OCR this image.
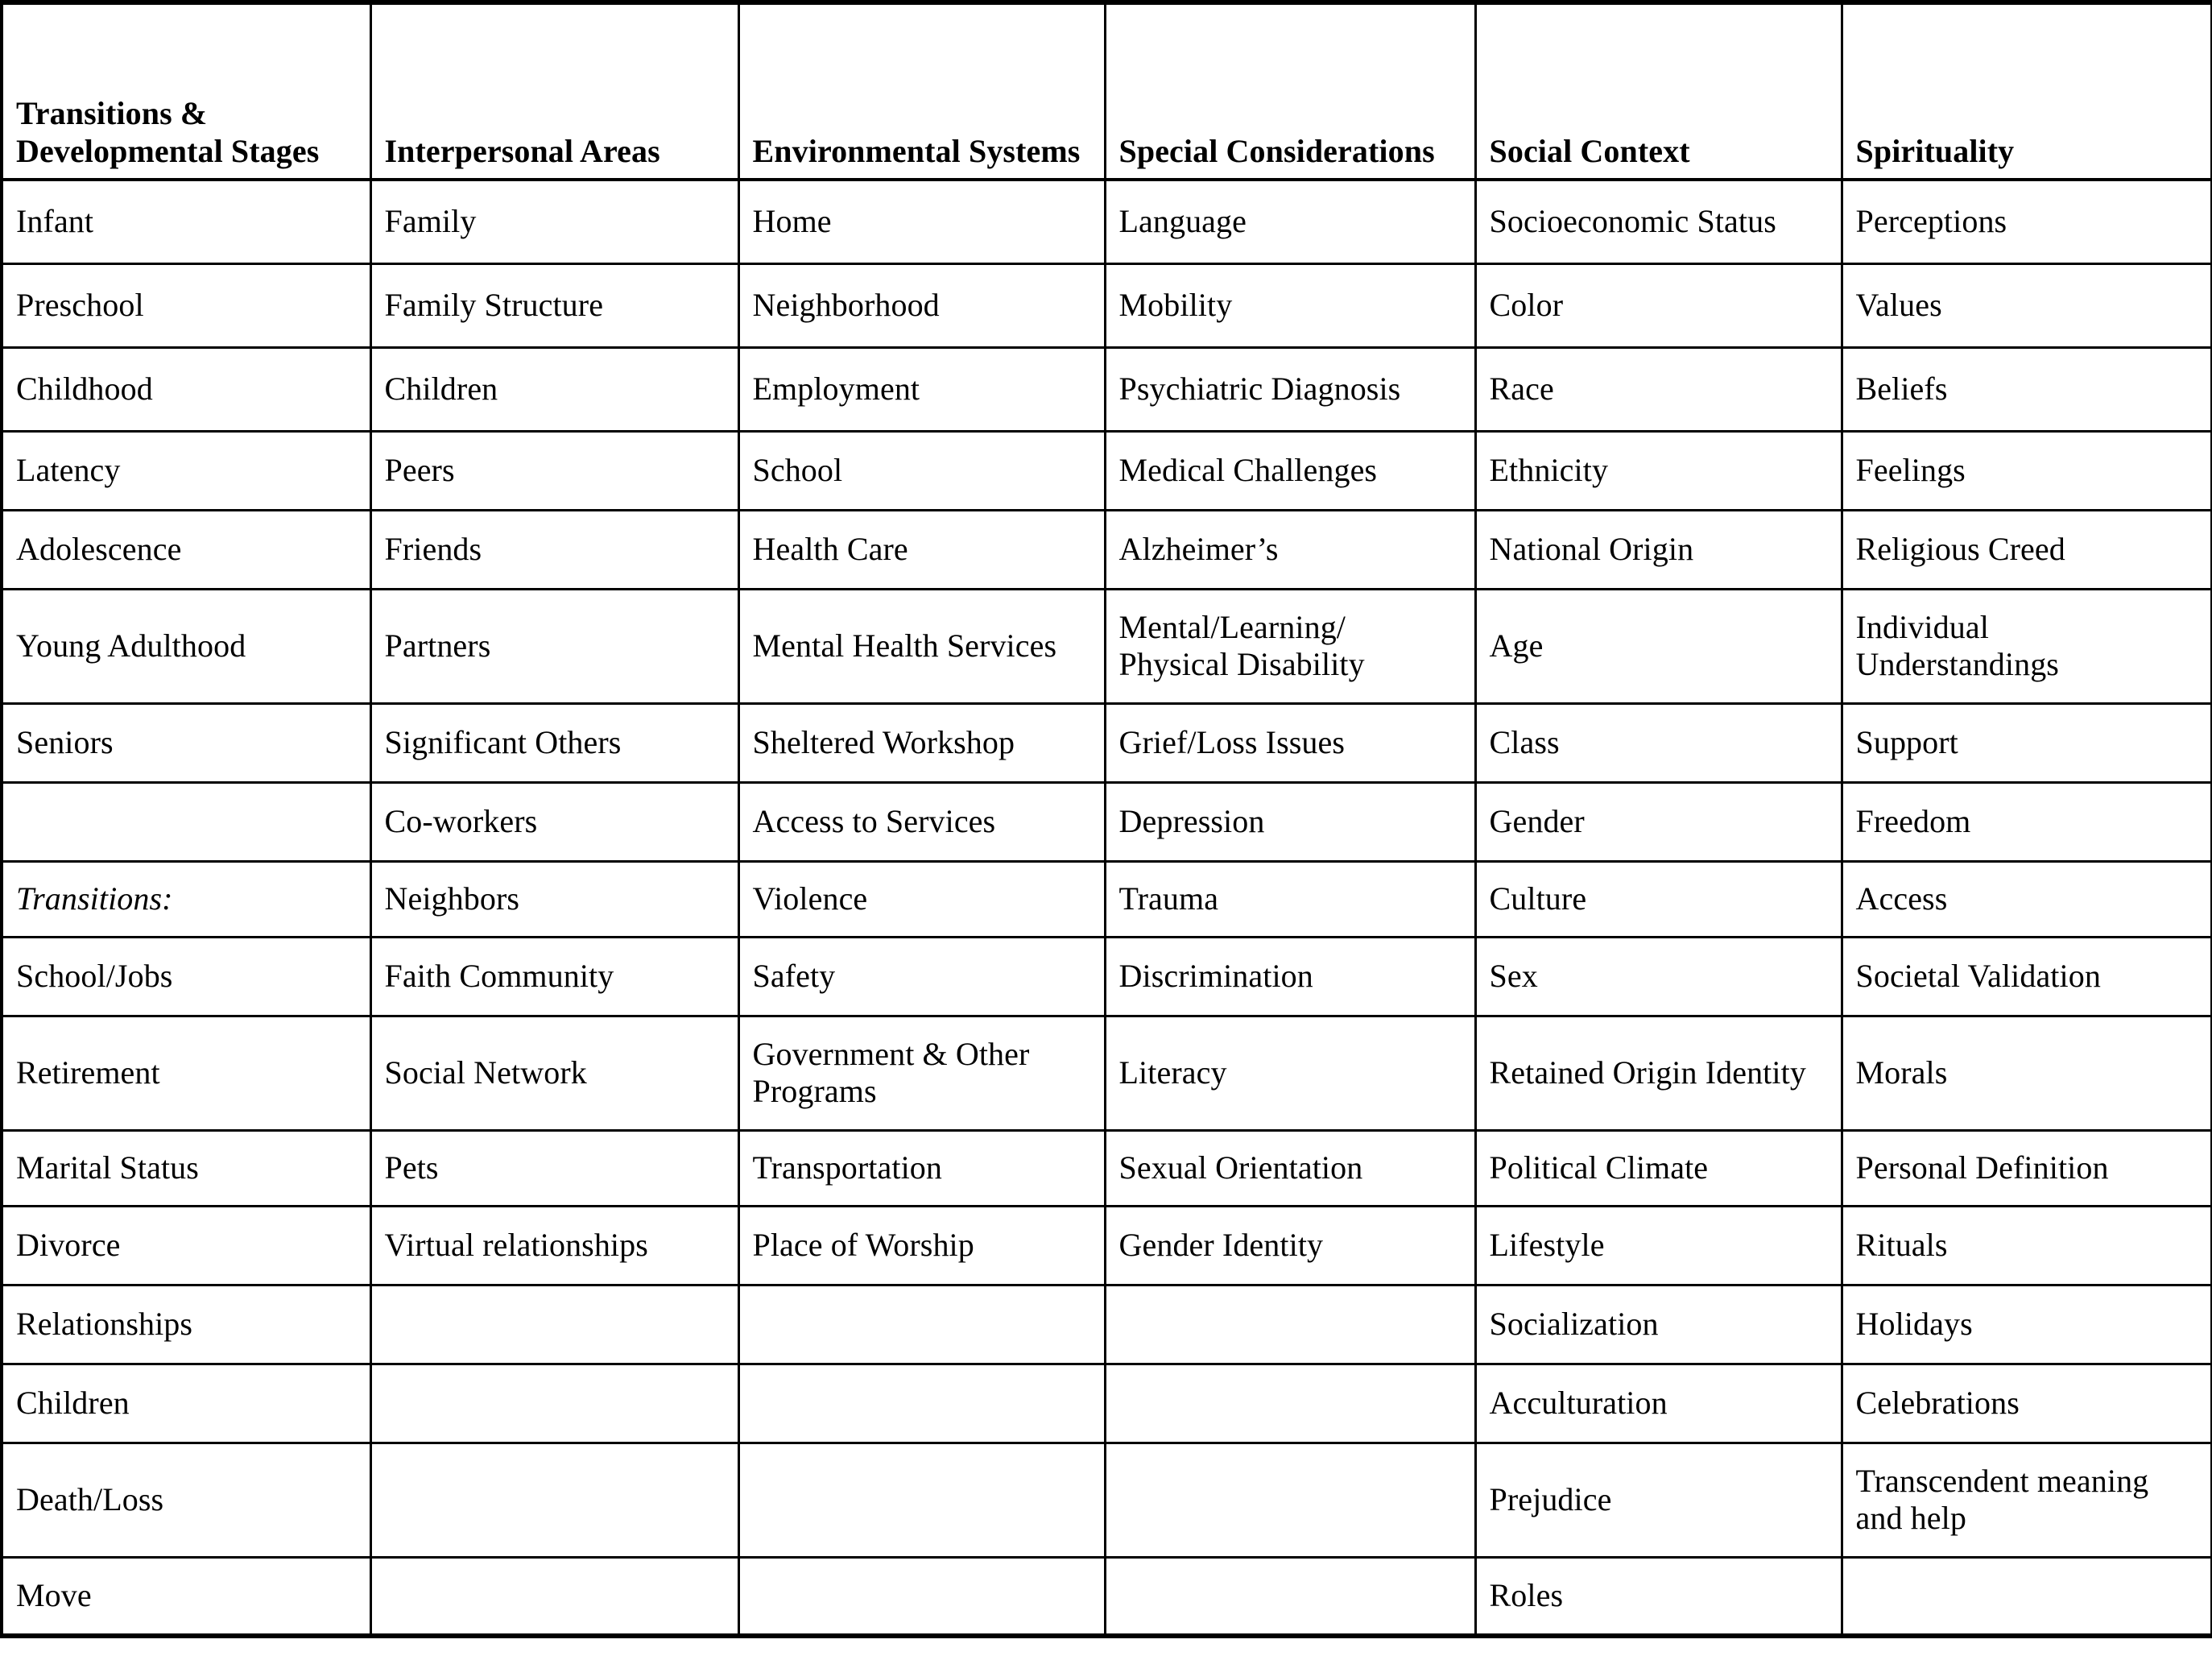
Transitions & Developmental Stages	Interpersonal Areas	Environmental Systems	Special Considerations	Social Context	Spirituality
Infant	Family	Home	Language	Socioeconomic Status	Perceptions
Preschool	Family Structure	Neighborhood	Mobility	Color	Values
Childhood	Children	Employment	Psychiatric Diagnosis	Race	Beliefs
Latency	Peers	School	Medical Challenges	Ethnicity	Feelings
Adolescence	Friends	Health Care	Alzheimer’s	National Origin	Religious Creed
Young Adulthood	Partners	Mental Health Services	Mental/Learning/ Physical Disability	Age	Individual Understandings
Seniors	Significant Others	Sheltered Workshop	Grief/Loss Issues	Class	Support
	Co-workers	Access to Services	Depression	Gender	Freedom
Transitions:	Neighbors	Violence	Trauma	Culture	Access
School/Jobs	Faith Community	Safety	Discrimination	Sex	Societal Validation
Retirement	Social Network	Government & Other Programs	Literacy	Retained Origin Identity	Morals
Marital Status	Pets	Transportation	Sexual Orientation	Political Climate	Personal Definition
Divorce	Virtual relationships	Place of Worship	Gender Identity	Lifestyle	Rituals
Relationships				Socialization	Holidays
Children				Acculturation	Celebrations
Death/Loss				Prejudice	Transcendent meaning and help
Move				Roles	
